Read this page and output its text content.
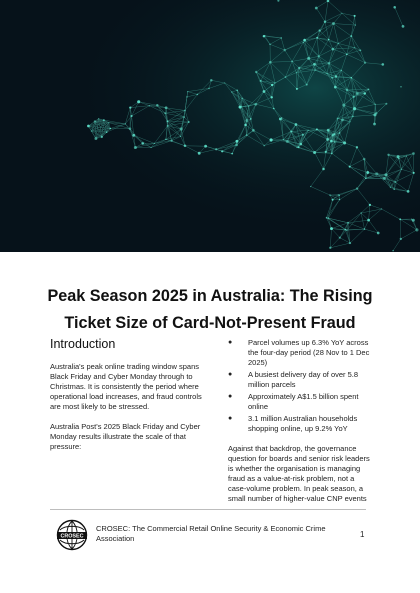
Peak Season 2025 in Australia: The Rising Ticket Size of Card-Not-Present Fraud
Introduction

Australia's peak online trading window spans Black Friday and Cyber Monday through to Christmas. It is consistently the period where operational load increases, and fraud controls are most likely to be stressed.

Australia Post's 2025 Black Friday and Cyber Monday results illustrate the scale of that pressure:

● Parcel volumes up 6.3% YoY across the four-day period (28 Nov to 1 Dec 2025)
● A busiest delivery day of over 5.8 million parcels
● Approximately A$1.5 billion spent online
● 3.1 million Australian households shopping online, up 9.2% YoY

Against that backdrop, the governance question for boards and senior risk leaders is whether the organisation is managing fraud as a value-at-risk problem, not a case-volume problem. In peak season, a small number of higher-value CNP events

CROSEC
CROSEC: The Commercial Retail Online Security & Economic Crime Association	1
